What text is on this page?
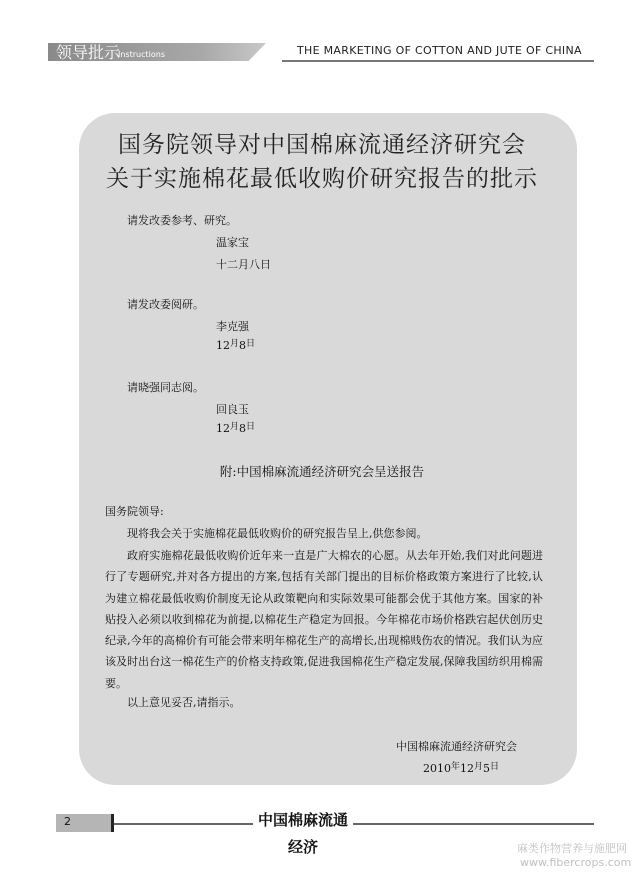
领导批示
Instructions	THE MARKETING OF COTTON AND JUTE OF CHINA
国务院领导对中国棉麻流通经济研究会
关于实施棉花最低收购价研究报告的批示
请发改委参考、研究。
温家宝
十二月八日
请发改委阅研。
李克强
$12^月8^日$
请晓强同志阅。
回良玉
$12^月8^日$
附:中国棉麻流通经济研究会呈送报告
国务院领导:

现将我会关于实施棉花最低收购价的研究报告呈上,供您参阅。

政府实施棉花最低收购价近年来一直是广大棉农的心愿。从去年开始,我们对此问题进行了专题研究,并对各方提出的方案,包括有关部门提出的目标价格政策方案进行了比较,认为建立棉花最低收购价制度无论从政策靶向和实际效果可能都会优于其他方案。国家的补贴投入必须以收到棉花为前提,以棉花生产稳定为回报。今年棉花市场价格跌宕起伏创历史纪录,今年的高棉价有可能会带来明年棉花生产的高增长,出现棉贱伤农的情况。我们认为应该及时出台这一棉花生产的价格支持政策,促进我国棉花生产稳定发展,保障我国纺织用棉需要。

以上意见妥否,请指示。

中国棉麻流通经济研究会
$2010^年12^月5^日$
2	中国棉麻流通经济	麻类作物营养与施肥网
www.fibercrops.com
